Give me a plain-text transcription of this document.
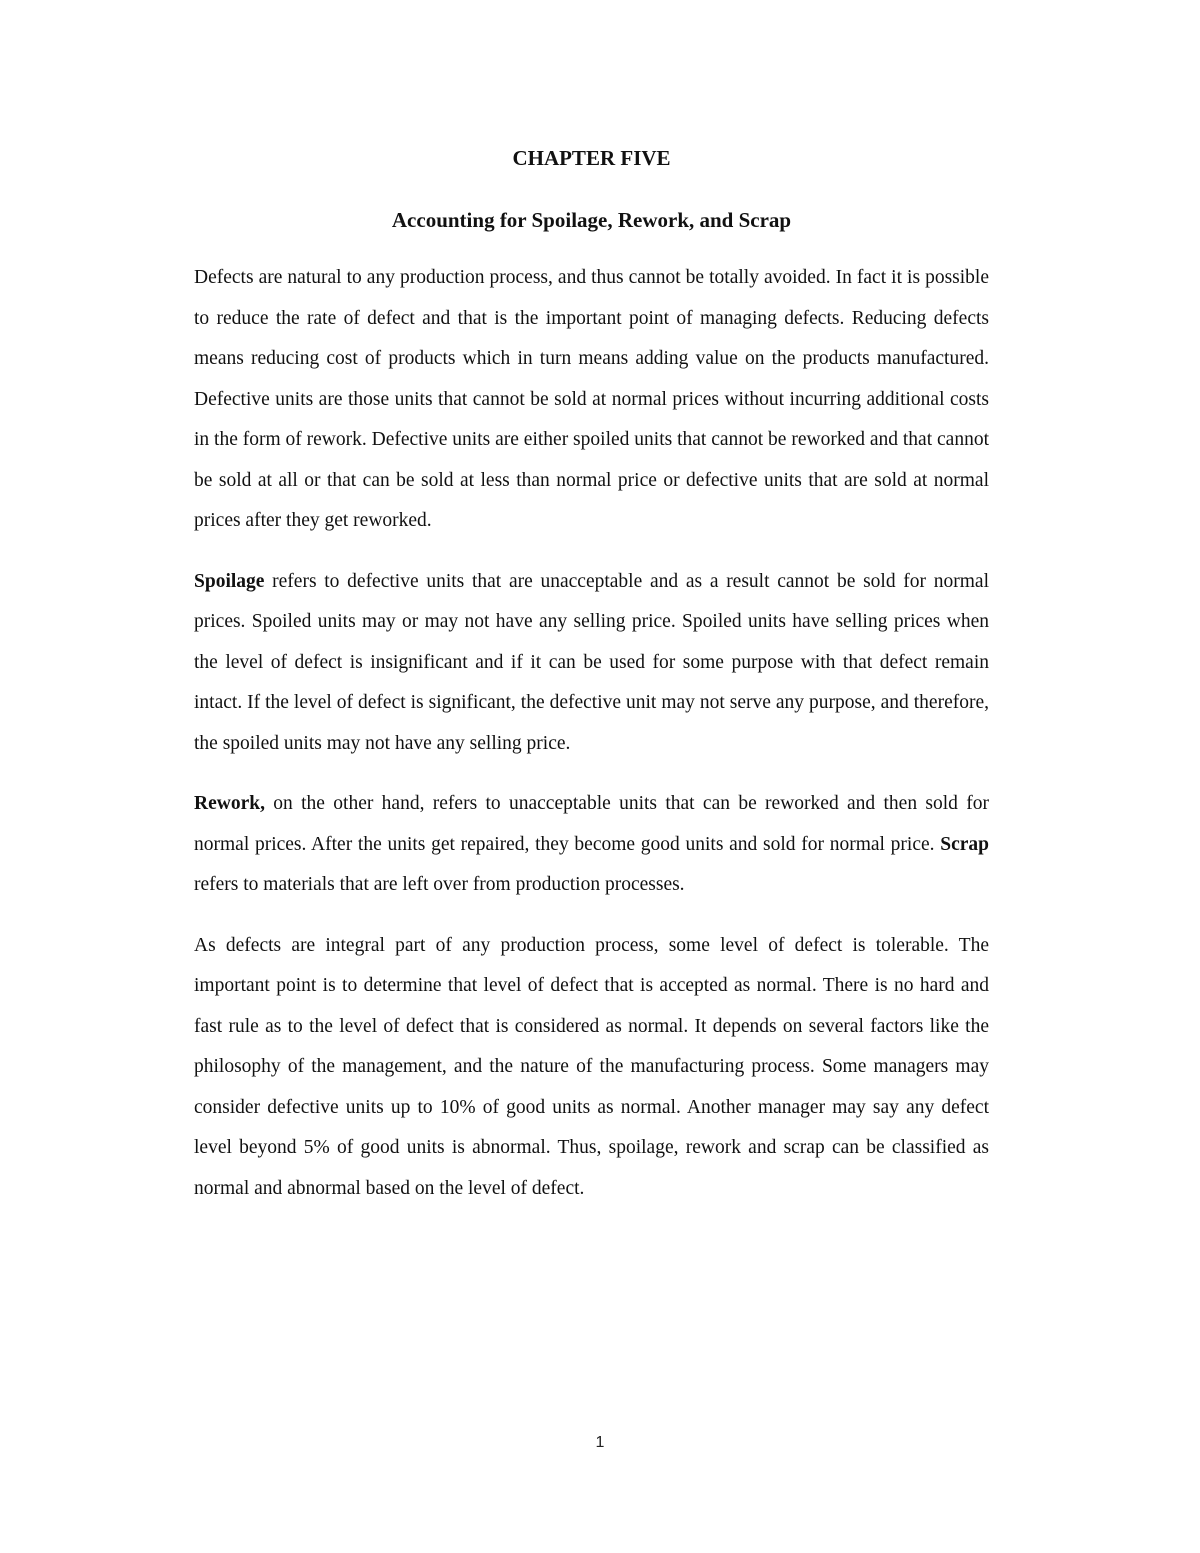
CHAPTER FIVE
Accounting for Spoilage, Rework, and Scrap

Defects are natural to any production process, and thus cannot be totally avoided. In fact it is possible to reduce the rate of defect and that is the important point of managing defects. Reducing defects means reducing cost of products which in turn means adding value on the products manufactured. Defective units are those units that cannot be sold at normal prices without incurring additional costs in the form of rework. Defective units are either spoiled units that cannot be reworked and that cannot be sold at all or that can be sold at less than normal price or defective units that are sold at normal prices after they get reworked.

Spoilage refers to defective units that are unacceptable and as a result cannot be sold for normal prices. Spoiled units may or may not have any selling price. Spoiled units have selling prices when the level of defect is insignificant and if it can be used for some purpose with that defect remain intact. If the level of defect is significant, the defective unit may not serve any purpose, and therefore, the spoiled units may not have any selling price.

Rework, on the other hand, refers to unacceptable units that can be reworked and then sold for normal prices. After the units get repaired, they become good units and sold for normal price. Scrap refers to materials that are left over from production processes.

As defects are integral part of any production process, some level of defect is tolerable. The important point is to determine that level of defect that is accepted as normal. There is no hard and fast rule as to the level of defect that is considered as normal. It depends on several factors like the philosophy of the management, and the nature of the manufacturing process. Some managers may consider defective units up to 10% of good units as normal. Another manager may say any defect level beyond 5% of good units is abnormal. Thus, spoilage, rework and scrap can be classified as normal and abnormal based on the level of defect.

1
